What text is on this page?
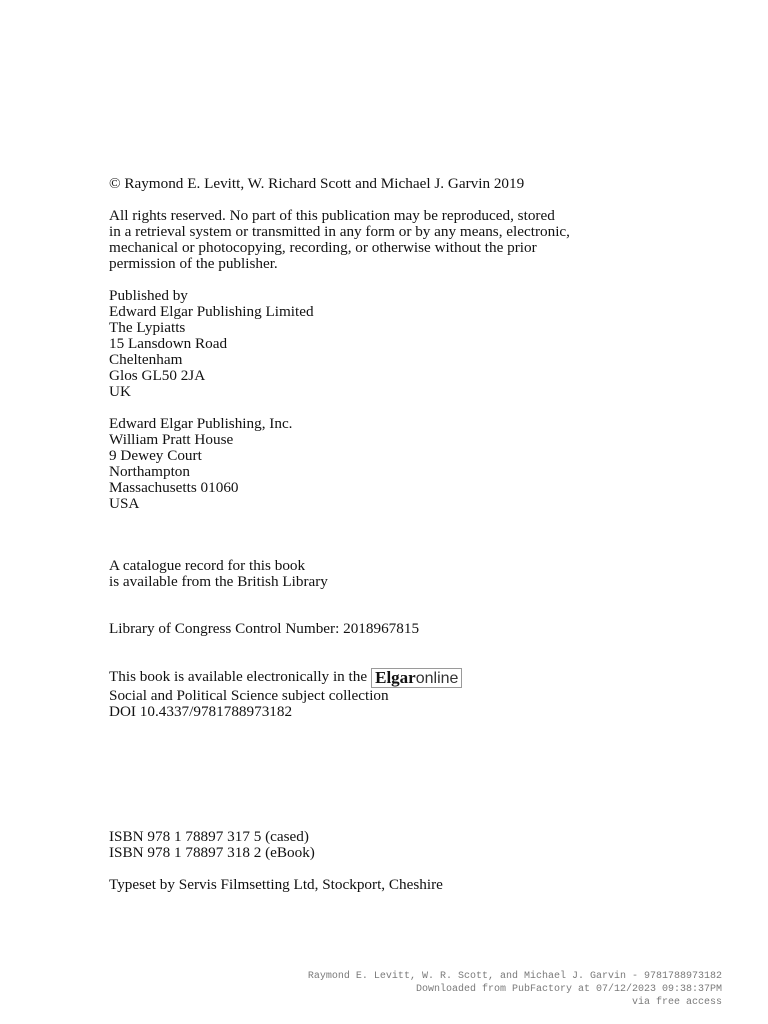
© Raymond E. Levitt, W. Richard Scott and Michael J. Garvin 2019
All rights reserved. No part of this publication may be reproduced, stored
in a retrieval system or transmitted in any form or by any means, electronic,
mechanical or photocopying, recording, or otherwise without the prior
permission of the publisher.
Published by
Edward Elgar Publishing Limited
The Lypiatts
15 Lansdown Road
Cheltenham
Glos GL50 2JA
UK
Edward Elgar Publishing, Inc.
William Pratt House
9 Dewey Court
Northampton
Massachusetts 01060
USA
A catalogue record for this book
is available from the British Library
Library of Congress Control Number: 2018967815
This book is available electronically in the Elgaronline
Social and Political Science subject collection
DOI 10.4337/9781788973182
ISBN 978 1 78897 317 5 (cased)
ISBN 978 1 78897 318 2 (eBook)
Typeset by Servis Filmsetting Ltd, Stockport, Cheshire
Raymond E. Levitt, W. R. Scott, and Michael J. Garvin - 9781788973182
Downloaded from PubFactory at 07/12/2023 09:38:37PM
via free access
